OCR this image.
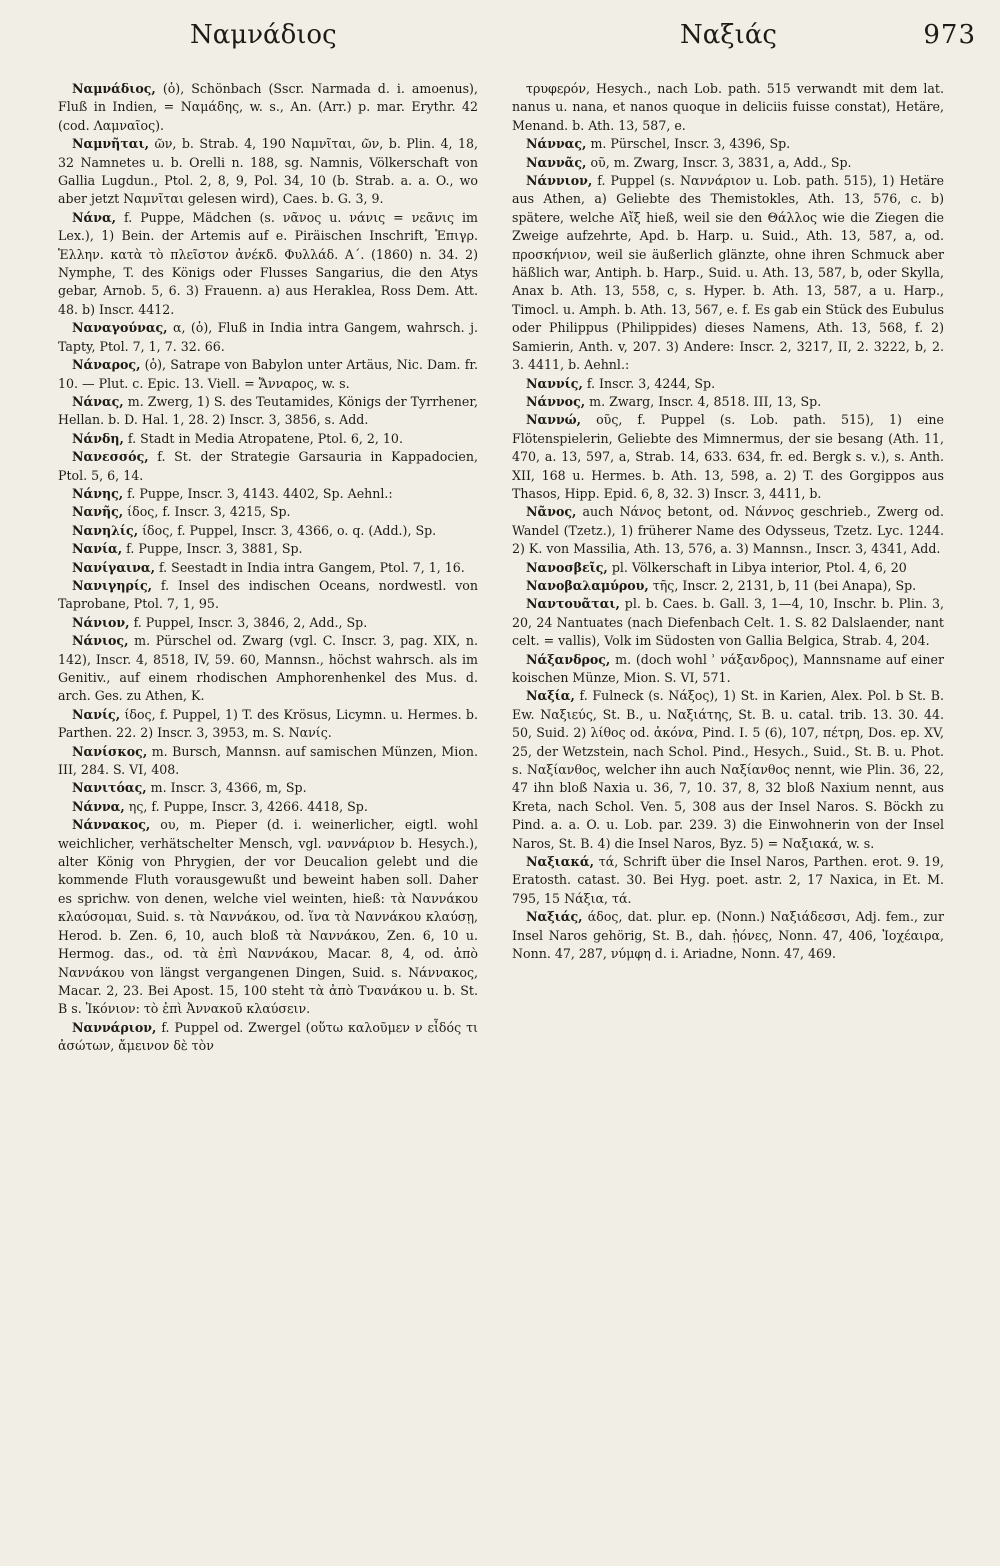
Ναμνάδιος	Ναξιάς	973

Ναμνάδιος, (ὁ), Schönbach (Sscr. Narmada d. i. amoenus), Fluß in Indien, = Ναμάδης, w. s., An. (Arr.) p. mar. Erythr. 42 (cod. Λαμναῖος).

Ναμνῆται, ῶν, b. Strab. 4, 190 Ναμνῖται, ῶν, b. Plin. 4, 18, 32 Namnetes u. b. Orelli n. 188, sg. Namnis, Völkerschaft von Gallia Lugdun., Ptol. 2, 8, 9, Pol. 34, 10 (b. Strab. a. a. O., wo aber jetzt Ναμνῖται gelesen wird), Caes. b. G. 3, 9.

Νάνα, f. Puppe, Mädchen (s. νᾶνος u. νάνις = νεᾶνις im Lex.), 1) Bein. der Artemis auf e. Piräischen Inschrift, Ἐπιγρ. Ἑλλην. κατὰ τὸ πλεῖστον ἀνέκδ. Φυλλάδ. Α΄. (1860) n. 34. 2) Nymphe, T. des Königs oder Flusses Sangarius, die den Atys gebar, Arnob. 5, 6. 3) Frauenn. a) aus Heraklea, Ross Dem. Att. 48. b) Inscr. 4412.

Ναναγούνας, α, (ὁ), Fluß in India intra Gangem, wahrsch. j. Tapty, Ptol. 7, 1, 7. 32. 66.

Νάναρος, (ὁ), Satrape von Babylon unter Artäus, Nic. Dam. fr. 10. — Plut. c. Epic. 13. Viell. = Ἄνναρος, w. s.

Νάνας, m. Zwerg, 1) S. des Teutamides, Königs der Tyrrhener, Hellan. b. D. Hal. 1, 28. 2) Inscr. 3, 3856, s. Add.

Νάνδη, f. Stadt in Media Atropatene, Ptol. 6, 2, 10.

Νανεσσός, f. St. der Strategie Garsauria in Kappadocien, Ptol. 5, 6, 14.

Νάνης, f. Puppe, Inscr. 3, 4143. 4402, Sp. Aehnl.:

Νανῆς, ίδος, f. Inscr. 3, 4215, Sp.

Νανηλίς, ίδος, f. Puppel, Inscr. 3, 4366, o. q. (Add.), Sp.

Νανία, f. Puppe, Inscr. 3, 3881, Sp.

Νανίγαινα, f. Seestadt in India intra Gangem, Ptol. 7, 1, 16.

Νανιγηρίς, f. Insel des indischen Oceans, nordwestl. von Taprobane, Ptol. 7, 1, 95.

Νάνιον, f. Puppel, Inscr. 3, 3846, 2, Add., Sp.

Νάνιος, m. Pürschel od. Zwarg (vgl. C. Inscr. 3, pag. XIX, n. 142), Inscr. 4, 8518, IV, 59. 60, Mannsn., höchst wahrsch. als im Genitiv., auf einem rhodischen Amphorenhenkel des Mus. d. arch. Ges. zu Athen, K.

Νανίς, ίδος, f. Puppel, 1) T. des Krösus, Licymn. u. Hermes. b. Parthen. 22. 2) Inscr. 3, 3953, m. S. Νανίς.

Νανίσκος, m. Bursch, Mannsn. auf samischen Münzen, Mion. III, 284. S. VI, 408.

Νανιτόας, m. Inscr. 3, 4366, m, Sp.

Νάννα, ης, f. Puppe, Inscr. 3, 4266. 4418, Sp.

Νάννακος, ου, m. Pieper (d. i. weinerlicher, eigtl. wohl weichlicher, verhätschelter Mensch, vgl. ναννάριον b. Hesych.), alter König von Phrygien, der vor Deucalion gelebt und die kommende Fluth vorausgewußt und beweint haben soll. Daher es sprichw. von denen, welche viel weinten, hieß: τὰ Ναννάκου κλαύσομαι, Suid. s. τὰ Ναννάκου, od. ἵνα τὰ Ναννάκου κλαύσῃ, Herod. b. Zen. 6, 10, auch bloß τὰ Ναννάκου, Zen. 6, 10 u. Hermog. das., od. τὰ ἐπὶ Ναννάκου, Macar. 8, 4, od. ἀπὸ Ναννάκου von längst vergangenen Dingen, Suid. s. Νάννακος, Macar. 2, 23. Bei Apost. 15, 100 steht τὰ ἀπὸ Τνανάκου u. b. St. B s. Ἰκόνιον: τὸ ἐπὶ Ἀννακοῦ κλαύσειν.

Ναννάριον, f. Puppel od. Zwergel (οὕτω καλοῦμεν ν εἶδός τι ἀσώτων, ἄμεινον δὲ τὸν

τρυφερόν, Hesych., nach Lob. path. 515 verwandt mit dem lat. nanus u. nana, et nanos quoque in deliciis fuisse constat), Hetäre, Menand. b. Ath. 13, 587, e.

Νάννας, m. Pürschel, Inscr. 3, 4396, Sp.

Ναννᾶς, οῦ, m. Zwarg, Inscr. 3, 3831, a, Add., Sp.

Νάννιον, f. Puppel (s. Ναννάριον u. Lob. path. 515), 1) Hetäre aus Athen, a) Geliebte des Themistokles, Ath. 13, 576, c. b) spätere, welche Αἴξ hieß, weil sie den Θάλλος wie die Ziegen die Zweige aufzehrte, Apd. b. Harp. u. Suid., Ath. 13, 587, a, od. προσκήνιον, weil sie äußerlich glänzte, ohne ihren Schmuck aber häßlich war, Antiph. b. Harp., Suid. u. Ath. 13, 587, b, oder Skylla, Anax b. Ath. 13, 558, c, s. Hyper. b. Ath. 13, 587, a u. Harp., Timocl. u. Amph. b. Ath. 13, 567, e. f. Es gab ein Stück des Eubulus oder Philippus (Philippides) dieses Namens, Ath. 13, 568, f. 2) Samierin, Anth. v, 207. 3) Andere: Inscr. 2, 3217, II, 2. 3222, b, 2. 3. 4411, b. Aehnl.:

Ναννίς, f. Inscr. 3, 4244, Sp.

Νάννος, m. Zwarg, Inscr. 4, 8518. III, 13, Sp.

Ναννώ, οῦς, f. Puppel (s. Lob. path. 515), 1) eine Flötenspielerin, Geliebte des Mimnermus, der sie besang (Ath. 11, 470, a. 13, 597, a, Strab. 14, 633. 634, fr. ed. Bergk s. v.), s. Anth. XII, 168 u. Hermes. b. Ath. 13, 598, a. 2) T. des Gorgippos aus Thasos, Hipp. Epid. 6, 8, 32. 3) Inscr. 3, 4411, b.

Νᾶνος, auch Νάνος betont, od. Νάννος geschrieb., Zwerg od. Wandel (Tzetz.), 1) früherer Name des Odysseus, Tzetz. Lyc. 1244. 2) K. von Massilia, Ath. 13, 576, a. 3) Mannsn., Inscr. 3, 4341, Add.

Νανοσβεῖς, pl. Völkerschaft in Libya interior, Ptol. 4, 6, 20

Νανοβαλαμύρου, τῆς, Inscr. 2, 2131, b, 11 (bei Anapa), Sp.

Ναντουᾶται, pl. b. Caes. b. Gall. 3, 1—4, 10, Inschr. b. Plin. 3, 20, 24 Nantuates (nach Diefenbach Celt. 1. S. 82 Dalslaender, nant celt. = vallis), Volk im Südosten von Gallia Belgica, Strab. 4, 204.

Νάξανδρος, m. (doch wohl ʾ νάξανδρος), Mannsname auf einer koischen Münze, Mion. S. VI, 571.

Ναξία, f. Fulneck (s. Νάξος), 1) St. in Karien, Alex. Pol. b St. B. Ew. Ναξιεύς, St. B., u. Ναξιάτης, St. B. u. catal. trib. 13. 30. 44. 50, Suid. 2) λίθος od. ἀκόνα, Pind. I. 5 (6), 107, πέτρη, Dos. ep. XV, 25, der Wetzstein, nach Schol. Pind., Hesych., Suid., St. B. u. Phot. s. Ναξίανθος, welcher ihn auch Ναξίανθος nennt, wie Plin. 36, 22, 47 ihn bloß Naxia u. 36, 7, 10. 37, 8, 32 bloß Naxium nennt, aus Kreta, nach Schol. Ven. 5, 308 aus der Insel Naros. S. Böckh zu Pind. a. a. O. u. Lob. par. 239. 3) die Einwohnerin von der Insel Naros, St. B. 4) die Insel Naros, Byz. 5) = Ναξιακά, w. s.

Ναξιακά, τά, Schrift über die Insel Naros, Parthen. erot. 9. 19, Eratosth. catast. 30. Bei Hyg. poet. astr. 2, 17 Naxica, in Et. M. 795, 15 Νάξια, τά.

Ναξιάς, άδος, dat. plur. ep. (Nonn.) Ναξιάδεσσι, Adj. fem., zur Insel Naros gehörig, St. B., dah. ᾐόνες, Nonn. 47, 406, Ἰοχέαιρα, Nonn. 47, 287, νύμφη d. i. Ariadne, Nonn. 47, 469.
